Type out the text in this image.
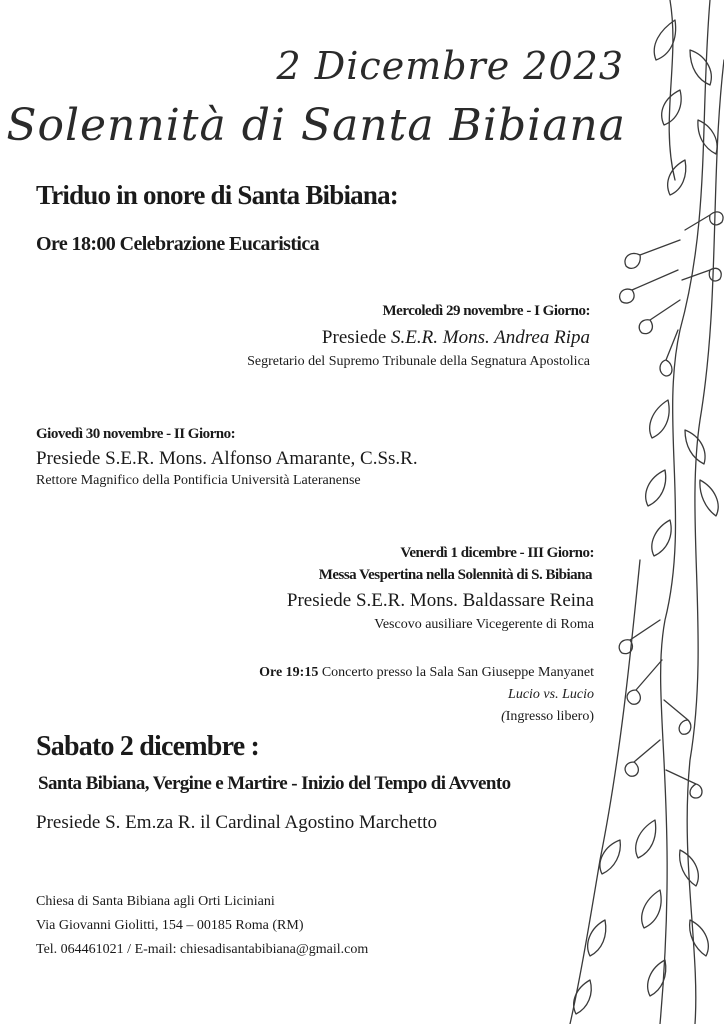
2 Dicembre 2023
Solennità di Santa Bibiana
Triduo in onore di Santa Bibiana:
Ore 18:00 Celebrazione Eucaristica
Mercoledì 29 novembre - I Giorno:
Presiede S.E.R. Mons. Andrea Ripa
Segretario del Supremo Tribunale della Segnatura Apostolica
Giovedì 30 novembre - II Giorno:
Presiede S.E.R. Mons. Alfonso Amarante, C.Ss.R.
Rettore Magnifico della Pontificia Università Lateranense
Venerdì 1 dicembre - III Giorno:
Messa Vespertina nella Solennità di S. Bibiana
Presiede S.E.R. Mons. Baldassare Reina
Vescovo ausiliare Vicegerente di Roma
Ore 19:15 Concerto presso la Sala San Giuseppe Manyanet
Lucio vs. Lucio
(Ingresso libero)
Sabato 2 dicembre :
Santa Bibiana, Vergine e Martire - Inizio del Tempo di Avvento
Presiede S. Em.za R. il Cardinal Agostino Marchetto
Chiesa di Santa Bibiana agli Orti Liciniani
Via Giovanni Giolitti, 154 – 00185 Roma (RM)
Tel. 064461021 / E-mail: chiesadisantabibiana@gmail.com
